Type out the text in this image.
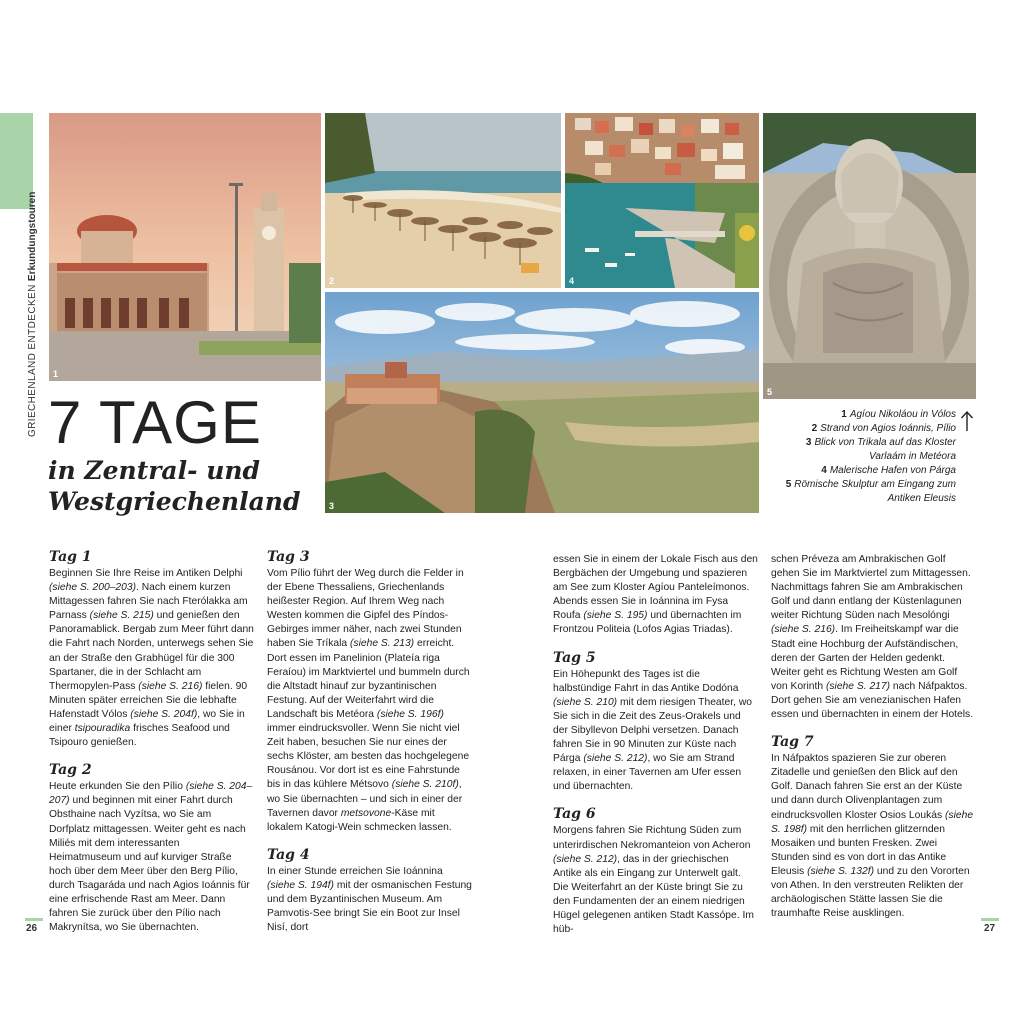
GRIECHENLAND ENTDECKEN Erkundungstouren
1
2	4
3
5
7 TAGE
in Zentral- und Westgriechenland
1 Agíou Nikoláou in Vólos
2 Strand von Agios Ioánnis, Pílio
3 Blick von Trikala auf das Kloster Varlaám in Metéora
4 Malerische Hafen von Párga
5 Römische Skulptur am Eingang zum Antiken Eleusis
Tag 1

Beginnen Sie Ihre Reise im Antiken Delphi (siehe S. 200–203). Nach einem kurzen Mittagessen fahren Sie nach Fterólakka am Parnass (siehe S. 215) und genießen den Panoramablick. Bergab zum Meer führt dann die Fahrt nach Norden, unterwegs sehen Sie an der Straße den Grabhügel für die 300 Spartaner, die in der Schlacht am Thermopylen-Pass (siehe S. 216) fielen. 90 Minuten später erreichen Sie die lebhafte Hafenstadt Vólos (siehe S. 204f), wo Sie in einer tsipouradika frisches Seafood und Tsipouro genießen.

Tag 2

Heute erkunden Sie den Pílio (siehe S. 204–207) und beginnen mit einer Fahrt durch Obsthaine nach Vyzítsa, wo Sie am Dorfplatz mittagessen. Weiter geht es nach Miliés mit dem interessanten Heimatmuseum und auf kurviger Straße hoch über dem Meer über den Berg Pílio, durch Tsagaráda und nach Agios Ioánnis für eine erfrischende Rast am Meer. Dann fahren Sie zurück über den Pílio nach Makrynítsa, wo Sie übernachten.

Tag 3

Vom Pílio führt der Weg durch die Felder in der Ebene Thessaliens, Griechenlands heißester Region. Auf Ihrem Weg nach Westen kommen die Gipfel des Píndos-Gebirges immer näher, nach zwei Stunden haben Sie Tríkala (siehe S. 213) erreicht. Dort essen im Panelinion (Plateía riga Feraíou) im Marktviertel und bummeln durch die Altstadt hinauf zur byzantinischen Festung. Auf der Weiterfahrt wird die Landschaft bis Metéora (siehe S. 196f) immer eindrucksvoller. Wenn Sie nicht viel Zeit haben, besuchen Sie nur eines der sechs Klöster, am besten das hochgelegene Rousánou. Vor dort ist es eine Fahrstunde bis in das kühlere Métsovo (siehe S. 210f), wo Sie übernachten – und sich in einer der Tavernen davor metsovone-Käse mit lokalem Katogi-Wein schmecken lassen.

Tag 4

In einer Stunde erreichen Sie Ioánnina (siehe S. 194f) mit der osmanischen Festung und dem Byzantinischen Museum. Am Pamvotis-See bringt Sie ein Boot zur Insel Nisí, dort

essen Sie in einem der Lokale Fisch aus den Bergbächen der Umgebung und spazieren am See zum Kloster Agíou Panteleímonos. Abends essen Sie in Ioánnina im Fysa Roufa (siehe S. 195) und übernachten im Frontzou Politeia (Lofos Agias Triadas).

Tag 5

Ein Höhepunkt des Tages ist die halbstündige Fahrt in das Antike Dodóna (siehe S. 210) mit dem riesigen Theater, wo Sie sich in die Zeit des Zeus-Orakels und der Sibyllevon Delphi versetzen. Danach fahren Sie in 90 Minuten zur Küste nach Párga (siehe S. 212), wo Sie am Strand relaxen, in einer Tavernen am Ufer essen und übernachten.

Tag 6

Morgens fahren Sie Richtung Süden zum unterirdischen Nekromanteion von Acheron (siehe S. 212), das in der griechischen Antike als ein Eingang zur Unterwelt galt. Die Weiterfahrt an der Küste bringt Sie zu den Fundamenten der an einem niedrigen Hügel gelegenen antiken Stadt Kassópe. Im hüb-

schen Préveza am Ambrakischen Golf gehen Sie im Marktviertel zum Mittagessen. Nachmittags fahren Sie am Ambrakischen Golf und dann entlang der Küstenlagunen weiter Richtung Süden nach Mesolóngi (siehe S. 216). Im Freiheitskampf war die Stadt eine Hochburg der Aufständischen, deren der Garten der Helden gedenkt. Weiter geht es Richtung Westen am Golf von Korinth (siehe S. 217) nach Náfpaktos. Dort gehen Sie am venezianischen Hafen essen und übernachten in einem der Hotels.

Tag 7

In Náfpaktos spazieren Sie zur oberen Zitadelle und genießen den Blick auf den Golf. Danach fahren Sie erst an der Küste und dann durch Olivenplantagen zum eindrucksvollen Kloster Osios Loukás (siehe S. 198f) mit den herrlichen glitzernden Mosaiken und bunten Fresken. Zwei Stunden sind es von dort in das Antike Eleusis (siehe S. 132f) und zu den Vororten von Athen. In den verstreuten Relikten der archäologischen Stätte lassen Sie die traumhafte Reise ausklingen.

26	27
